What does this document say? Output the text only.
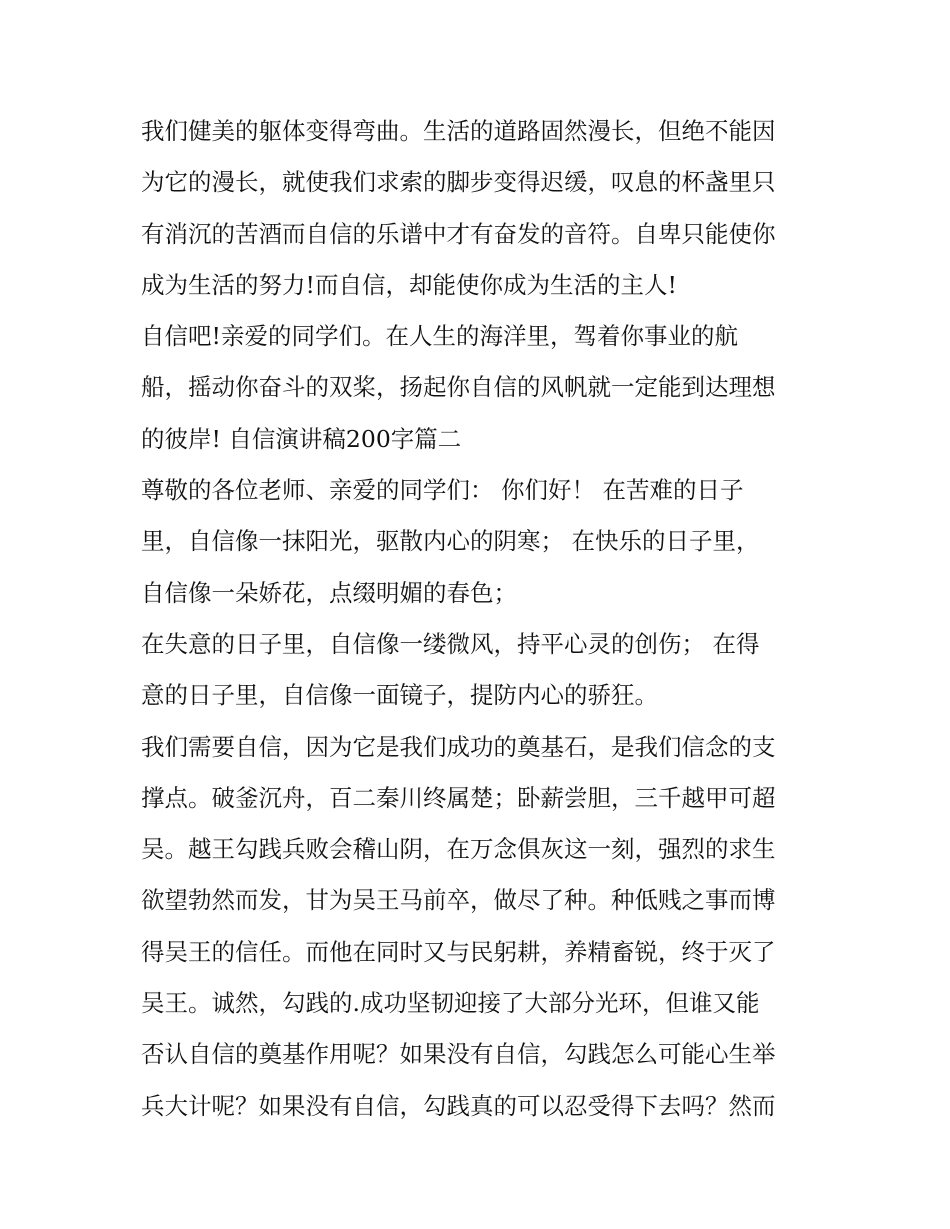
我们健美的躯体变得弯曲。生活的道路固然漫长，但绝不能因
为它的漫长，就使我们求索的脚步变得迟缓，叹息的杯盏里只
有消沉的苦酒而自信的乐谱中才有奋发的音符。自卑只能使你
成为生活的努力!而自信，却能使你成为生活的主人!
自信吧!亲爱的同学们。在人生的海洋里，驾着你事业的航
船，摇动你奋斗的双桨，扬起你自信的风帆就一定能到达理想
的彼岸! 自信演讲稿200字篇二
尊敬的各位老师、亲爱的同学们： 你们好！ 在苦难的日子
里，自信像一抹阳光，驱散内心的阴寒； 在快乐的日子里，
自信像一朵娇花，点缀明媚的春色；
在失意的日子里，自信像一缕微风，持平心灵的创伤； 在得
意的日子里，自信像一面镜子，提防内心的骄狂。
我们需要自信，因为它是我们成功的奠基石，是我们信念的支
撑点。破釜沉舟，百二秦川终属楚；卧薪尝胆，三千越甲可超
吴。越王勾践兵败会稽山阴，在万念俱灰这一刻，强烈的求生
欲望勃然而发，甘为吴王马前卒，做尽了种。种低贱之事而博
得吴王的信任。而他在同时又与民躬耕，养精畜锐，终于灭了
吴王。诚然，勾践的.成功坚韧迎接了大部分光环，但谁又能
否认自信的奠基作用呢？如果没有自信，勾践怎么可能心生举
兵大计呢？如果没有自信，勾践真的可以忍受得下去吗？然而
